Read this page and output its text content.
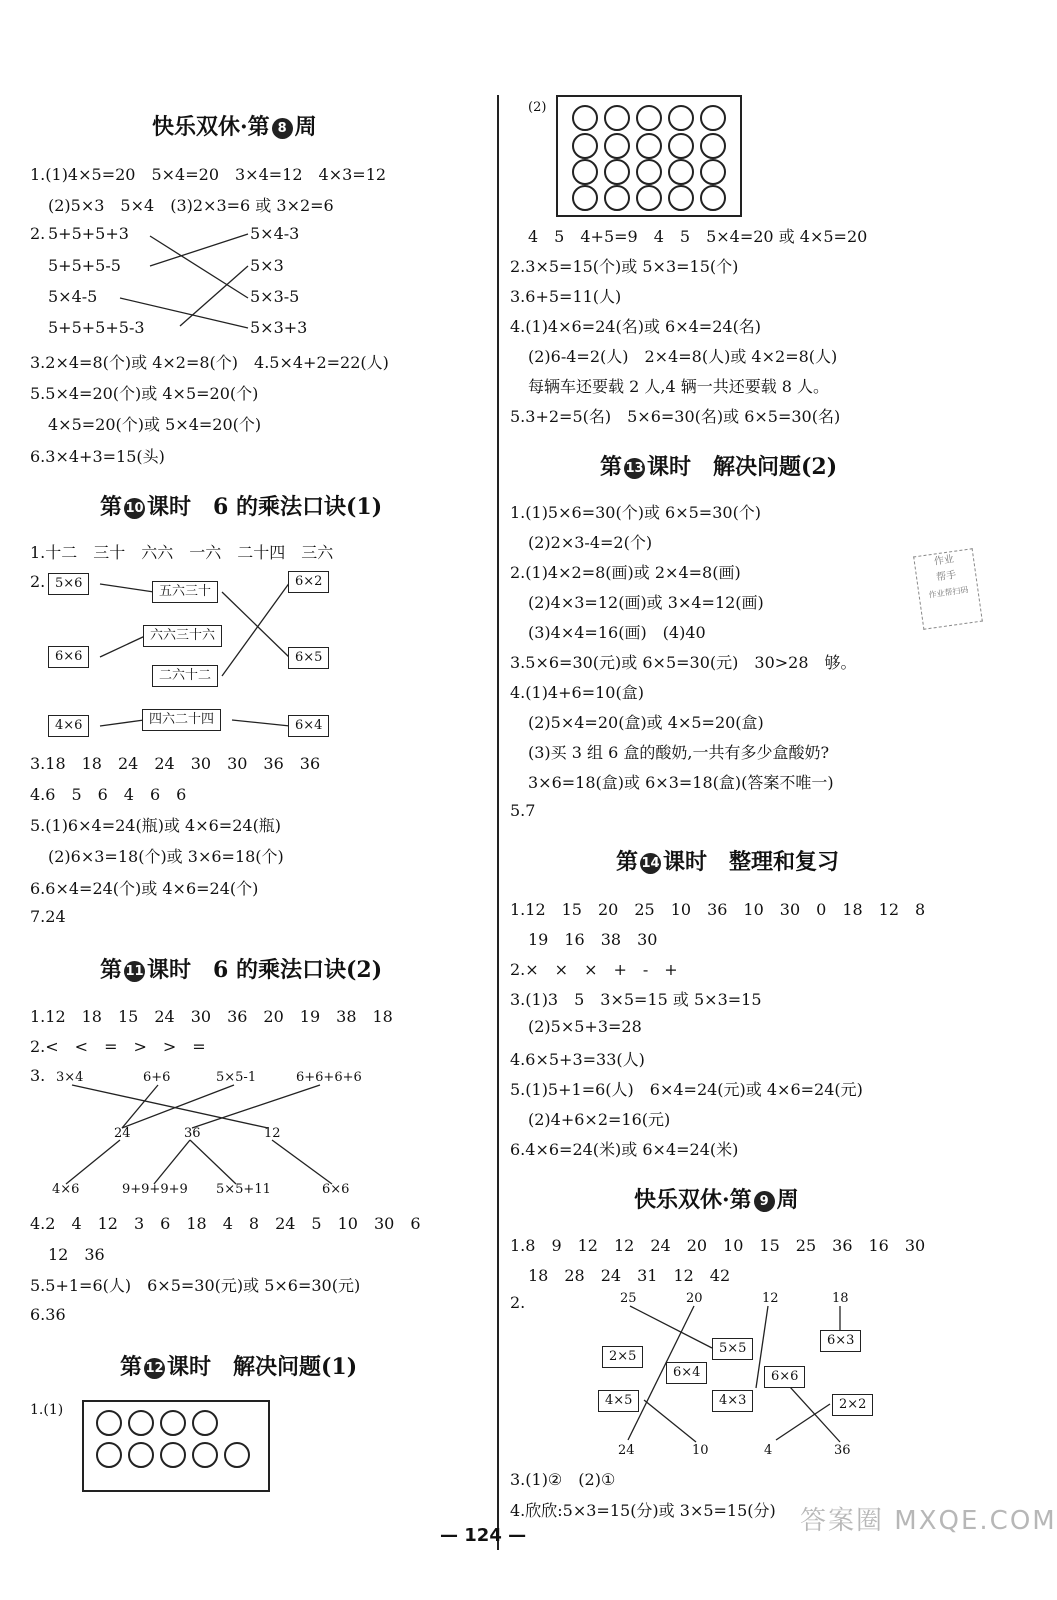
快乐双休·第 8 周
1.(1)4×5=20　5×4=20　3×4=12　4×3=12
(2)5×3　5×4　(3)2×3=6 或 3×2=6
2. 5+5+5+3
5+5+5-5
5×4-5
5+5+5+5-3
5×4-3
5×3
5×3-5
5×3+3
3.2×4=8(个)或 4×2=8(个)　4.5×4+2=22(人)
5.5×4=20(个)或 4×5=20(个)
4×5=20(个)或 5×4=20(个)
6.3×4+3=15(头)
第 10 课时　6 的乘法口诀(1)
1.十二　三十　六六　一六　二十四　三六
2. 5×6
五六三十
6×2
六六三十六
6×6	6×5
二六十二
4×6	四六二十四	6×4
3.18　18　24　24　30　30　36　36
4.6　5　6　4　6　6
5.(1)6×4=24(瓶)或 4×6=24(瓶)
(2)6×3=18(个)或 3×6=18(个)
6.6×4=24(个)或 4×6=24(个)
7.24
第 11 课时　6 的乘法口诀(2)
1.12　18　15　24　30　36　20　19　38　18
2.<　<　=　>　>　=
3. 3×4	6+6	5×5-1	6+6+6+6
24	36	12
4×6	9+9+9+9 5×5+11	6×6
4.2　4　12　3　6　18　4　8　24　5　10　30　6
12　36
5.5+1=6(人)　6×5=30(元)或 5×6=30(元)
6.36
第 12 课时　解决问题(1)
1.(1)
(2)
4　5　4+5=9　4　5　5×4=20 或 4×5=20
2.3×5=15(个)或 5×3=15(个)
3.6+5=11(人)
4.(1)4×6=24(名)或 6×4=24(名)
(2)6-4=2(人)　2×4=8(人)或 4×2=8(人)
每辆车还要载 2 人,4 辆一共还要载 8 人。
5.3+2=5(名)　5×6=30(名)或 6×5=30(名)
第 13 课时　解决问题(2)
1.(1)5×6=30(个)或 6×5=30(个)
(2)2×3-4=2(个)
2.(1)4×2=8(画)或 2×4=8(画)
(2)4×3=12(画)或 3×4=12(画)
(3)4×4=16(画)　(4)40
3.5×6=30(元)或 6×5=30(元)　30>28　够。
4.(1)4+6=10(盒)
(2)5×4=20(盒)或 4×5=20(盒)
(3)买 3 组 6 盒的酸奶,一共有多少盒酸奶?
3×6=18(盒)或 6×3=18(盒)(答案不唯一)
5.7
第 14 课时　整理和复习
1.12　15　20　25　10　36　10　30　0　18　12　8
19　16　38　30
2.×　×　×　+　-　+
3.(1)3　5　3×5=15 或 5×3=15
(2)5×5+3=28
4.6×5+3=33(人)
5.(1)5+1=6(人)　6×4=24(元)或 4×6=24(元)
(2)4+6×2=16(元)
6.4×6=24(米)或 6×4=24(米)
快乐双休·第 9 周
1.8　9　12　12　24　20　10　15　25　36　16　30
18　28　24　31　12　42
2.	25	20	12	18
5×5
6×3
2×5
6×4	6×6
4×5	4×3	2×2
24	10	4	36
3.(1)②　(2)①
4.欣欣:5×3=15(分)或 3×5=15(分)
作业
帮手
作业帮扫码
答案圈 MXQE.COM
— 124 —
